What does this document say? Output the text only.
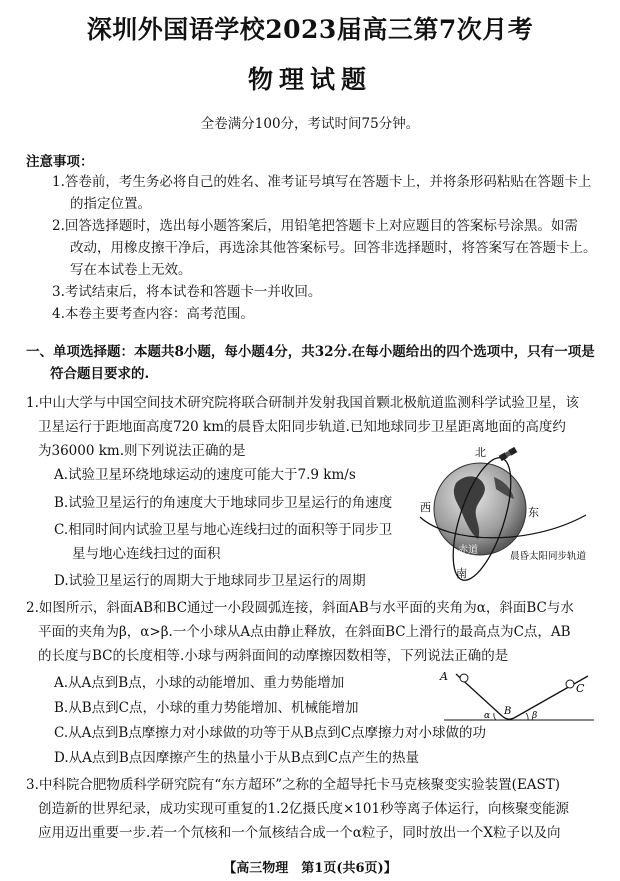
深圳外国语学校2023届高三第7次月考
物理试题
全卷满分100分，考试时间75分钟。
注意事项：
1.答卷前，考生务必将自己的姓名、准考证号填写在答题卡上，并将条形码粘贴在答题卡上
的指定位置。
2.回答选择题时，选出每小题答案后，用铅笔把答题卡上对应题目的答案标号涂黑。如需
改动，用橡皮擦干净后，再选涂其他答案标号。回答非选择题时，将答案写在答题卡上。
写在本试卷上无效。
3.考试结束后，将本试卷和答题卡一并收回。
4.本卷主要考查内容：高考范围。
一、单项选择题：本题共8小题，每小题4分，共32分.在每小题给出的四个选项中，只有一项是
符合题目要求的.
1.中山大学与中国空间技术研究院将联合研制并发射我国首颗北极航道监测科学试验卫星，该
卫星运行于距地面高度720 km的晨昏太阳同步轨道.已知地球同步卫星距离地面的高度约
为36000 km.则下列说法正确的是
A.试验卫星环绕地球运动的速度可能大于7.9 km/s
B.试验卫星运行的角速度大于地球同步卫星运行的角速度
C.相同时间内试验卫星与地心连线扫过的面积等于同步卫
星与地心连线扫过的面积
D.试验卫星运行的周期大于地球同步卫星运行的周期
北
南
西	东
赤道
晨昏太阳同步轨道
2.如图所示，斜面AB和BC通过一小段圆弧连接，斜面AB与水平面的夹角为α，斜面BC与水
平面的夹角为β，α>β.一个小球从A点由静止释放，在斜面BC上滑行的最高点为C点，AB
的长度与BC的长度相等.小球与两斜面间的动摩擦因数相等，下列说法正确的是
A.从A点到B点，小球的动能增加、重力势能增加
B.从B点到C点，小球的重力势能增加、机械能增加
C.从A点到B点摩擦力对小球做的功等于从B点到C点摩擦力对小球做的功
D.从A点到B点因摩擦产生的热量小于从B点到C点产生的热量
A
B
C
α	β
3.中科院合肥物质科学研究院有“东方超环”之称的全超导托卡马克核聚变实验装置(EAST)
创造新的世界纪录，成功实现可重复的1.2亿摄氏度×101秒等离子体运行，向核聚变能源
应用迈出重要一步.若一个氘核和一个氚核结合成一个α粒子，同时放出一个X粒子以及向
【高三物理　第1页(共6页)】
